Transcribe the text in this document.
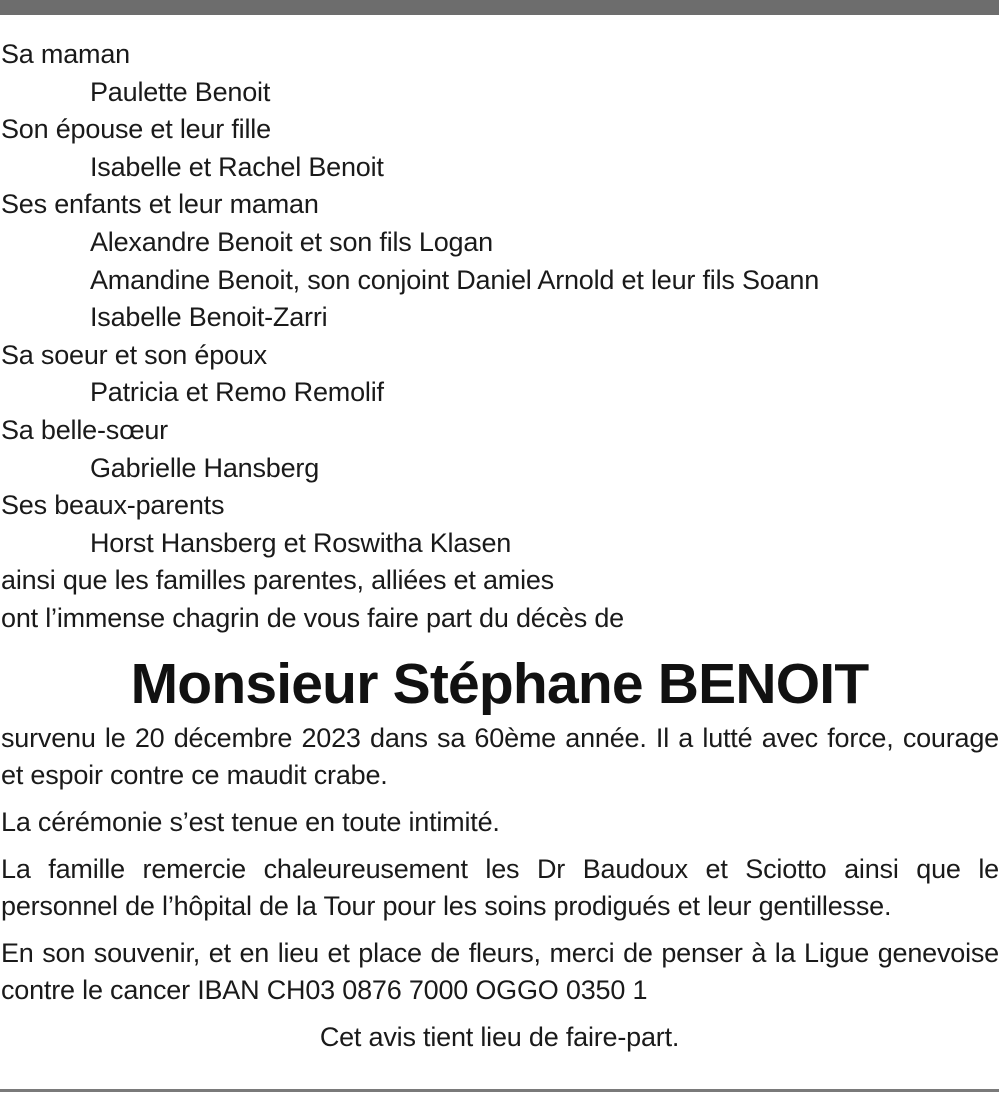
Sa maman

Paulette Benoit

Son épouse et leur fille

Isabelle et Rachel Benoit

Ses enfants et leur maman

Alexandre Benoit et son fils Logan

Amandine Benoit, son conjoint Daniel Arnold et leur fils Soann

Isabelle Benoit-Zarri

Sa soeur et son époux

Patricia et Remo Remolif

Sa belle-sœur

Gabrielle Hansberg

Ses beaux-parents

Horst Hansberg et Roswitha Klasen

ainsi que les familles parentes, alliées et amies

ont l’immense chagrin de vous faire part du décès de

Monsieur Stéphane BENOIT

survenu le 20 décembre 2023 dans sa 60ème année. Il a lutté avec force, courage et espoir contre ce maudit crabe.

La cérémonie s’est tenue en toute intimité.

La famille remercie chaleureusement les Dr Baudoux et Sciotto ainsi que le personnel de l’hôpital de la Tour pour les soins prodigués et leur gentillesse.

En son souvenir, et en lieu et place de fleurs, merci de penser à la Ligue genevoise contre le cancer IBAN CH03 0876 7000 OGGO 0350 1

Cet avis tient lieu de faire-part.
